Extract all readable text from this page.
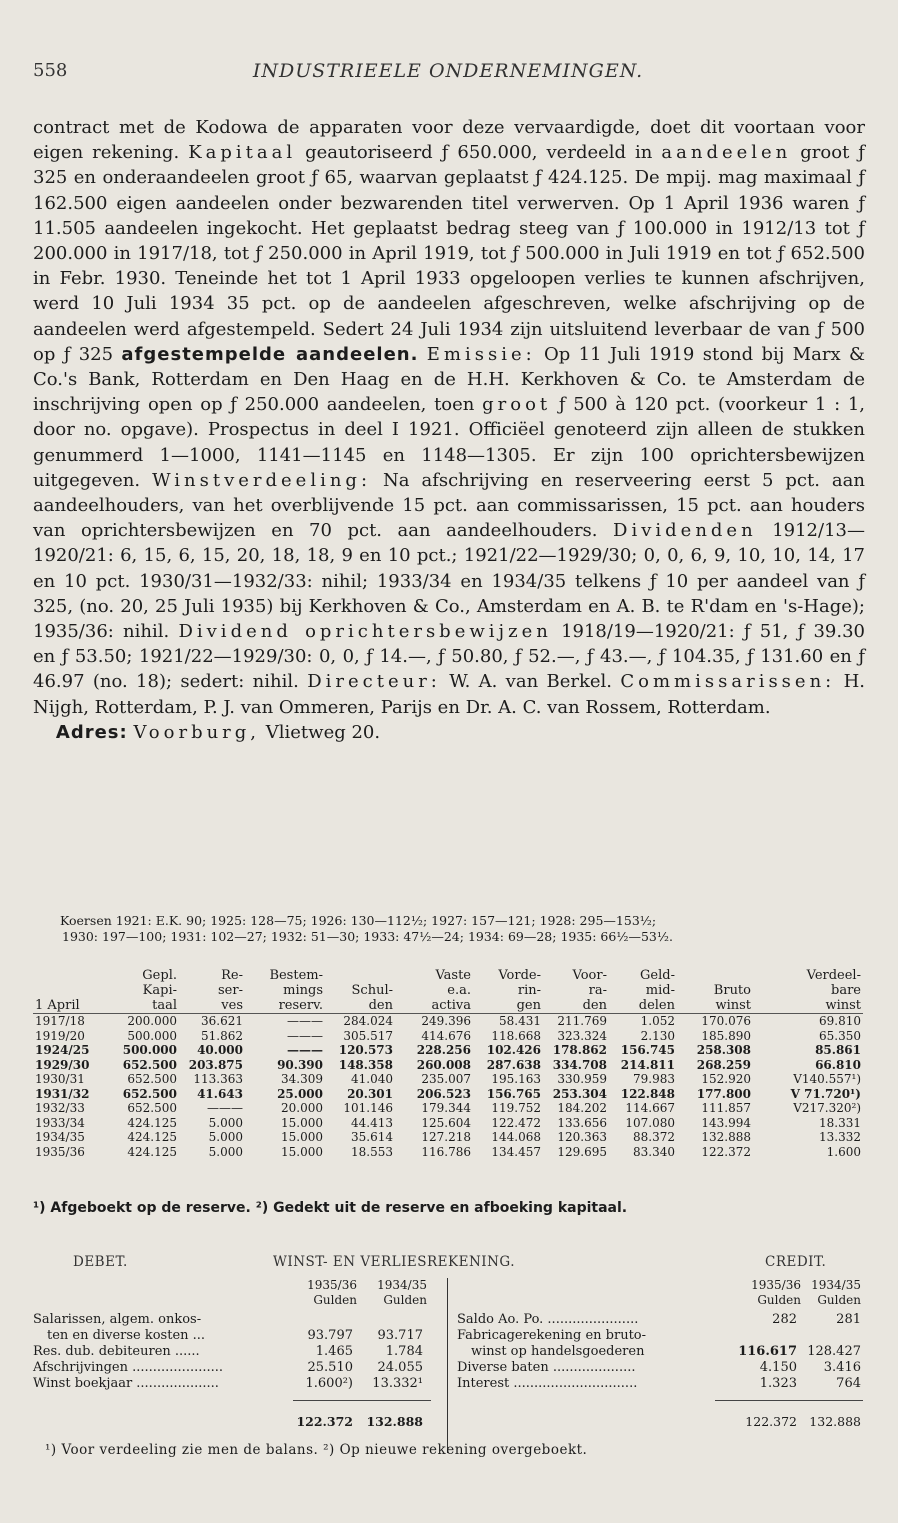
558	INDUSTRIEELE ONDERNEMINGEN.

contract met de Kodowa de apparaten voor deze vervaardigde, doet dit voortaan voor eigen rekening. Kapitaal geautoriseerd ƒ 650.000, verdeeld in aandeelen groot ƒ 325 en onderaandeelen groot ƒ 65, waarvan geplaatst ƒ 424.125. De mpij. mag maximaal ƒ 162.500 eigen aandeelen onder bezwarenden titel verwerven. Op 1 April 1936 waren ƒ 11.505 aandeelen ingekocht. Het geplaatst bedrag steeg van ƒ 100.000 in 1912/13 tot ƒ 200.000 in 1917/18, tot ƒ 250.000 in April 1919, tot ƒ 500.000 in Juli 1919 en tot ƒ 652.500 in Febr. 1930. Teneinde het tot 1 April 1933 opgeloopen verlies te kunnen afschrijven, werd 10 Juli 1934 35 pct. op de aandeelen afgeschreven, welke afschrijving op de aandeelen werd afgestempeld. Sedert 24 Juli 1934 zijn uitsluitend leverbaar de van ƒ 500 op ƒ 325 afgestempelde aandeelen. Emissie: Op 11 Juli 1919 stond bij Marx & Co.'s Bank, Rotterdam en Den Haag en de H.H. Kerkhoven & Co. te Amsterdam de inschrijving open op ƒ 250.000 aandeelen, toen groot ƒ 500 à 120 pct. (voorkeur 1 : 1, door no. opgave). Prospectus in deel I 1921. Officiëel genoteerd zijn alleen de stukken genummerd 1—1000, 1141—1145 en 1148—1305. Er zijn 100 oprichtersbewijzen uitgegeven. Winstverdeeling: Na afschrijving en reserveering eerst 5 pct. aan aandeelhouders, van het overblijvende 15 pct. aan commissarissen, 15 pct. aan houders van oprichtersbewijzen en 70 pct. aan aandeelhouders. Dividenden 1912/13—1920/21: 6, 15, 6, 15, 20, 18, 18, 9 en 10 pct.; 1921/22—1929/30; 0, 0, 6, 9, 10, 10, 14, 17 en 10 pct. 1930/31—1932/33: nihil; 1933/34 en 1934/35 telkens ƒ 10 per aandeel van ƒ 325, (no. 20, 25 Juli 1935) bij Kerkhoven & Co., Amsterdam en A. B. te R'dam en 's-Hage); 1935/36: nihil. Dividend oprichtersbewijzen 1918/19—1920/21: ƒ 51, ƒ 39.30 en ƒ 53.50; 1921/22—1929/30: 0, 0, ƒ 14.—, ƒ 50.80, ƒ 52.—, ƒ 43.—, ƒ 104.35, ƒ 131.60 en ƒ 46.97 (no. 18); sedert: nihil. Directeur: W. A. van Berkel. Commissarissen: H. Nijgh, Rotterdam, P. J. van Ommeren, Parijs en Dr. A. C. van Rossem, Rotterdam.

Adres: Voorburg, Vlietweg 20.

Koersen 1921: E.K. 90; 1925: 128—75; 1926: 130—112½; 1927: 157—121; 1928: 295—153½;
1930: 197—100; 1931: 102—27; 1932: 51—30; 1933: 47½—24; 1934: 69—28; 1935: 66½—53½.
	Gepl.	Re-	Bestem-		Vaste	Vorde-	Voor-	Geld-		Verdeel-
	Kapi-	ser-	mings	Schul-	e.a.	rin-	ra-	mid-	Bruto	bare
1 April	taal	ves	reserv.	den	activa	gen	den	delen	winst	winst
1917/18	200.000	36.621	———	284.024	249.396	58.431	211.769	1.052	170.076	69.810
1919/20	500.000	51.862	———	305.517	414.676	118.668	323.324	2.130	185.890	65.350
1924/25	500.000	40.000	———	120.573	228.256	102.426	178.862	156.745	258.308	85.861
1929/30	652.500	203.875	90.390	148.358	260.008	287.638	334.708	214.811	268.259	66.810
1930/31	652.500	113.363	34.309	41.040	235.007	195.163	330.959	79.983	152.920	V140.557¹)
1931/32	652.500	41.643	25.000	20.301	206.523	156.765	253.304	122.848	177.800	V 71.720¹)
1932/33	652.500	———	20.000	101.146	179.344	119.752	184.202	114.667	111.857	V217.320²)
1933/34	424.125	5.000	15.000	44.413	125.604	122.472	133.656	107.080	143.994	18.331
1934/35	424.125	5.000	15.000	35.614	127.218	144.068	120.363	88.372	132.888	13.332
1935/36	424.125	5.000	15.000	18.553	116.786	134.457	129.695	83.340	122.372	1.600
¹) Afgeboekt op de reserve. ²) Gedekt uit de reserve en afboeking kapitaal.
DEBET.	WINST- EN VERLIESREKENING.	CREDIT.
1935/36 1934/35
Gulden Gulden
Salarissen, algem. onkos-
ten en diverse kosten ...	93.797 93.717
Res. dub. debiteuren ......	1.465	1.784
Afschrijvingen ......................	25.510 24.055
Winst boekjaar ....................	1.600²) 13.332¹
122.372 132.888
1935/36 1934/35
Gulden Gulden
Saldo Ao. Po. ......................	282	281
Fabricagerekening en bruto-
winst op handelsgoederen	116.617 128.427
Diverse baten ....................	4.150 3.416
Interest ..............................	1.323	764
122.372 132.888
¹) Voor verdeeling zie men de balans. ²) Op nieuwe rekening overgeboekt.
